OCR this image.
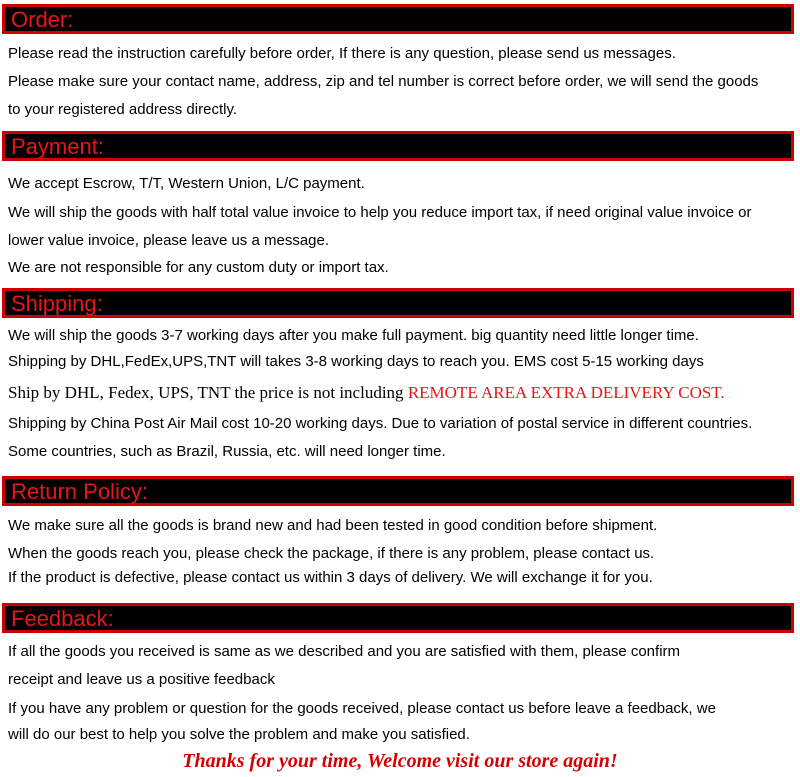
Order:
Please read the instruction carefully before order, If there is any question, please send us messages.
Please make sure your contact name, address, zip and tel number is correct before order, we will send the goods
to your registered address directly.
Payment:
We accept Escrow, T/T, Western Union, L/C payment.
We will ship the goods with half total value invoice to help you reduce import tax, if need original value invoice or
lower value invoice, please leave us a message.
We are not responsible for any custom duty or import tax.
Shipping:
We will ship the goods 3-7 working days after you make full payment. big quantity need little longer time.
Shipping by DHL,FedEx,UPS,TNT will takes 3-8 working days to reach you. EMS cost 5-15 working days
Ship by DHL, Fedex, UPS, TNT the price is not including REMOTE AREA EXTRA DELIVERY COST.
Shipping by China Post Air Mail cost 10-20 working days. Due to variation of postal service in different countries.
Some countries, such as Brazil, Russia, etc. will need longer time.
Return Policy:
We make sure all the goods is brand new and had been tested in good condition before shipment.
When the goods reach you, please check the package, if there is any problem, please contact us.
If the product is defective, please contact us within 3 days of delivery. We will exchange it for you.
Feedback:
If all the goods you received is same as we described and you are satisfied with them, please confirm
receipt and leave us a positive feedback
If you have any problem or question for the goods received, please contact us before leave a feedback, we
will do our best to help you solve the problem and make you satisfied.
Thanks for your time, Welcome visit our store again!
